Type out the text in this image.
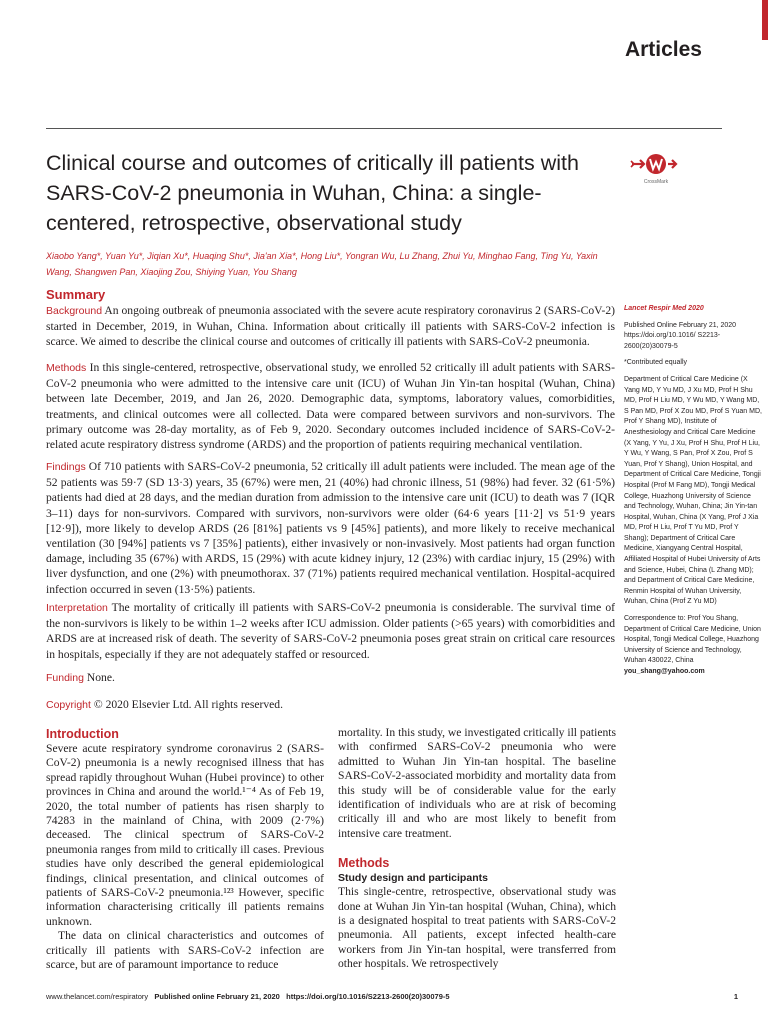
Articles
Clinical course and outcomes of critically ill patients with SARS-CoV-2 pneumonia in Wuhan, China: a single-centered, retrospective, observational study
CrossMark
Xiaobo Yang*, Yuan Yu*, Jiqian Xu*, Huaqing Shu*, Jia'an Xia*, Hong Liu*, Yongran Wu, Lu Zhang, Zhui Yu, Minghao Fang, Ting Yu, Yaxin Wang, Shangwen Pan, Xiaojing Zou, Shiying Yuan, You Shang
Summary

Background An ongoing outbreak of pneumonia associated with the severe acute respiratory coronavirus 2 (SARS-CoV-2) started in December, 2019, in Wuhan, China. Information about critically ill patients with SARS-CoV-2 infection is scarce. We aimed to describe the clinical course and outcomes of critically ill patients with SARS-CoV-2 pneumonia.

Methods In this single-centered, retrospective, observational study, we enrolled 52 critically ill adult patients with SARS-CoV-2 pneumonia who were admitted to the intensive care unit (ICU) of Wuhan Jin Yin-tan hospital (Wuhan, China) between late December, 2019, and Jan 26, 2020. Demographic data, symptoms, laboratory values, comorbidities, treatments, and clinical outcomes were all collected. Data were compared between survivors and non-survivors. The primary outcome was 28-day mortality, as of Feb 9, 2020. Secondary outcomes included incidence of SARS-CoV-2-related acute respiratory distress syndrome (ARDS) and the proportion of patients requiring mechanical ventilation.

Findings Of 710 patients with SARS-CoV-2 pneumonia, 52 critically ill adult patients were included. The mean age of the 52 patients was 59·7 (SD 13·3) years, 35 (67%) were men, 21 (40%) had chronic illness, 51 (98%) had fever. 32 (61·5%) patients had died at 28 days, and the median duration from admission to the intensive care unit (ICU) to death was 7 (IQR 3–11) days for non-survivors. Compared with survivors, non-survivors were older (64·6 years [11·2] vs 51·9 years [12·9]), more likely to develop ARDS (26 [81%] patients vs 9 [45%] patients), and more likely to receive mechanical ventilation (30 [94%] patients vs 7 [35%] patients), either invasively or non-invasively. Most patients had organ function damage, including 35 (67%) with ARDS, 15 (29%) with acute kidney injury, 12 (23%) with cardiac injury, 15 (29%) with liver dysfunction, and one (2%) with pneumothorax. 37 (71%) patients required mechanical ventilation. Hospital-acquired infection occurred in seven (13·5%) patients.

Interpretation The mortality of critically ill patients with SARS-CoV-2 pneumonia is considerable. The survival time of the non-survivors is likely to be within 1–2 weeks after ICU admission. Older patients (>65 years) with comorbidities and ARDS are at increased risk of death. The severity of SARS-CoV-2 pneumonia poses great strain on critical care resources in hospitals, especially if they are not adequately staffed or resourced.

Funding None.

Copyright © 2020 Elsevier Ltd. All rights reserved.

Lancet Respir Med 2020

Published Online February 21, 2020 https://doi.org/10.1016/ S2213-2600(20)30079-5

*Contributed equally

Department of Critical Care Medicine (X Yang MD, Y Yu MD, J Xu MD, Prof H Shu MD, Prof H Liu MD, Y Wu MD, Y Wang MD, S Pan MD, Prof X Zou MD, Prof S Yuan MD, Prof Y Shang MD), Institute of Anesthesiology and Critical Care Medicine (X Yang, Y Yu, J Xu, Prof H Shu, Prof H Liu, Y Wu, Y Wang, S Pan, Prof X Zou, Prof S Yuan, Prof Y Shang), Union Hospital, and Department of Critical Care Medicine, Tongji Hospital (Prof M Fang MD), Tongji Medical College, Huazhong University of Science and Technology, Wuhan, China; Jin Yin-tan Hospital, Wuhan, China (X Yang, Prof J Xia MD, Prof H Liu, Prof T Yu MD, Prof Y Shang); Department of Critical Care Medicine, Xiangyang Central Hospital, Affiliated Hospital of Hubei University of Arts and Science, Hubei, China (L Zhang MD); and Department of Critical Care Medicine, Renmin Hospital of Wuhan University, Wuhan, China (Prof Z Yu MD)

Correspondence to: Prof You Shang, Department of Critical Care Medicine, Union Hospital, Tongji Medical College, Huazhong University of Science and Technology, Wuhan 430022, China

you_shang@yahoo.com

Introduction

Severe acute respiratory syndrome coronavirus 2 (SARS-CoV-2) pneumonia is a newly recognised illness that has spread rapidly throughout Wuhan (Hubei province) to other provinces in China and around the world.¹⁻⁴ As of Feb 19, 2020, the total number of patients has risen sharply to 74283 in the mainland of China, with 2009 (2·7%) deceased. The clinical spectrum of SARS-CoV-2 pneumonia ranges from mild to critically ill cases. Previous studies have only described the general epidemiological findings, clinical presentation, and clinical outcomes of patients of SARS-CoV-2 pneumonia.¹²³ However, specific information characterising critically ill patients remains unknown.

The data on clinical characteristics and outcomes of critically ill patients with SARS-CoV-2 infection are scarce, but are of paramount importance to reduce

mortality. In this study, we investigated critically ill patients with confirmed SARS-CoV-2 pneumonia who were admitted to Wuhan Jin Yin-tan hospital. The baseline SARS-CoV-2-associated morbidity and mortality data from this study will be of considerable value for the early identification of individuals who are at risk of becoming critically ill and who are most likely to benefit from intensive care treatment.

Methods
Study design and participants

This single-centre, retrospective, observational study was done at Wuhan Jin Yin-tan hospital (Wuhan, China), which is a designated hospital to treat patients with SARS-CoV-2 pneumonia. All patients, except infected health-care workers from Jin Yin-tan hospital, were transferred from other hospitals. We retrospectively

www.thelancet.com/respiratory Published online February 21, 2020 https://doi.org/10.1016/S2213-2600(20)30079-5	1
